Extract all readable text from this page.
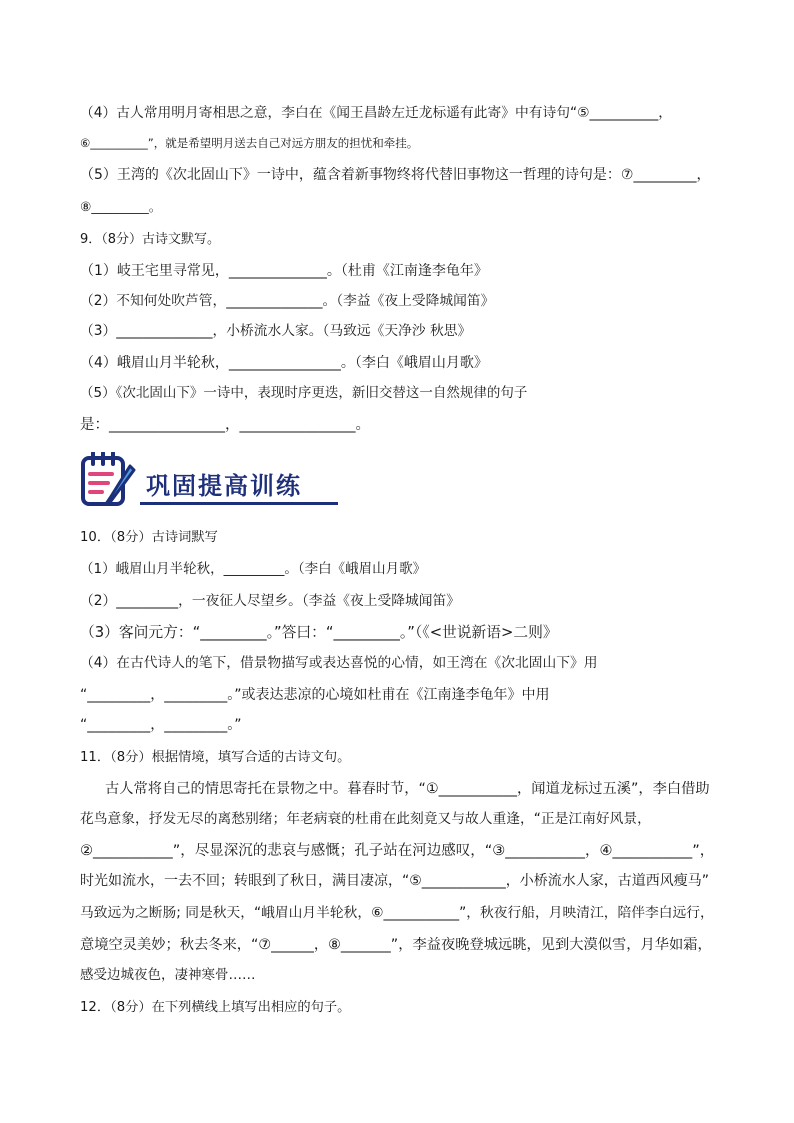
（4）古人常用明月寄相思之意，李白在《闻王昌龄左迁龙标遥有此寄》中有诗句“⑤__________，
⑥__________”，就是希望明月送去自己对远方朋友的担忧和牵挂。
（5）王湾的《次北固山下》一诗中，蕴含着新事物终将代替旧事物这一哲理的诗句是：⑦_________，
⑧_________。
9．（8分）古诗文默写。
（1）岐王宅里寻常见，______________。（杜甫《江南逢李龟年》
（2）不知何处吹芦管，______________。（李益《夜上受降城闻笛》
（3）______________，小桥流水人家。（马致远《天净沙 秋思》
（4）峨眉山月半轮秋，________________。（李白《峨眉山月歌》
（5）《次北固山下》一诗中，表现时序更迭，新旧交替这一自然规律的句子
是：________________，________________。
巩固提高训练
10．（8分）古诗词默写
（1）峨眉山月半轮秋，_________。（李白《峨眉山月歌》
（2）_________，一夜征人尽望乡。（李益《夜上受降城闻笛》
（3）客问元方：“_________。”答曰：“_________。”（《<世说新语>二则》
（4）在古代诗人的笔下，借景物描写或表达喜悦的心情，如王湾在《次北固山下》用
“_________，_________。”或表达悲凉的心境如杜甫在《江南逢李龟年》中用
“_________，_________。”
11．（8分）根据情境，填写合适的古诗文句。
古人常将自己的情思寄托在景物之中。暮春时节，“①___________，闻道龙标过五溪”，李白借助
花鸟意象，抒发无尽的离愁别绪；年老病衰的杜甫在此刻竟又与故人重逢，“正是江南好风景，
②___________”，尽显深沉的悲哀与感慨；孔子站在河边感叹，“③___________，④___________”，
时光如流水，一去不回；转眼到了秋日，满目凄凉，“⑤____________，小桥流水人家，古道西风瘦马”
马致远为之断肠; 同是秋天，“峨眉山月半轮秋，⑥___________”，秋夜行船，月映清江，陪伴李白远行，
意境空灵美妙；秋去冬来，“⑦______，⑧_______”，李益夜晚登城远眺，见到大漠似雪，月华如霜，
感受边城夜色，凄神寒骨……
12．（8分）在下列横线上填写出相应的句子。
